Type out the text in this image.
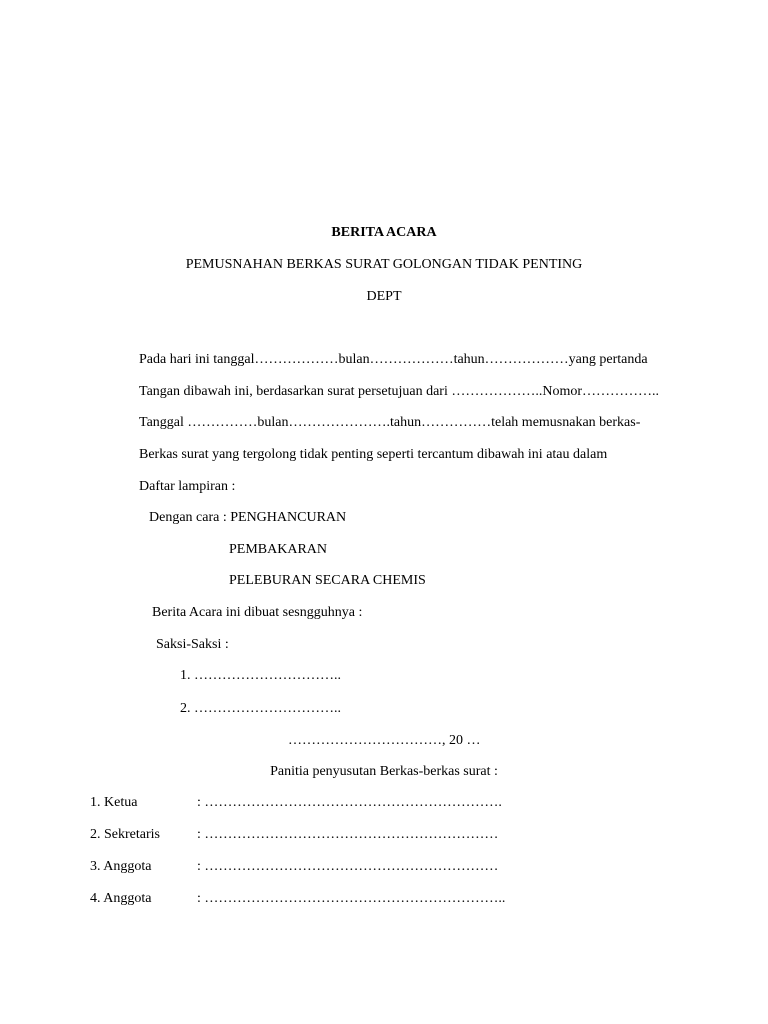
BERITA ACARA
PEMUSNAHAN BERKAS SURAT GOLONGAN TIDAK PENTING
DEPT
Pada hari ini tanggal………………bulan………………tahun………………yang pertanda
Tangan dibawah ini, berdasarkan surat persetujuan dari ………………..Nomor……………..
Tanggal ……………bulan………………….tahun……………telah memusnakan berkas-
Berkas surat yang tergolong tidak penting seperti tercantum dibawah ini atau dalam
Daftar lampiran :
Dengan cara : PENGHANCURAN
PEMBAKARAN
PELEBURAN SECARA CHEMIS
Berita Acara ini dibuat sesngguhnya :
Saksi-Saksi :
1. …………………………..
2. …………………………..
……………………………, 20 …
Panitia penyusutan Berkas-berkas surat :
1. Ketua	: ……………………………………………………….
2. Sekretaris	: ………………………………………………………
3. Anggota	: ………………………………………………………
4. Anggota	: ………………………………………………………..
